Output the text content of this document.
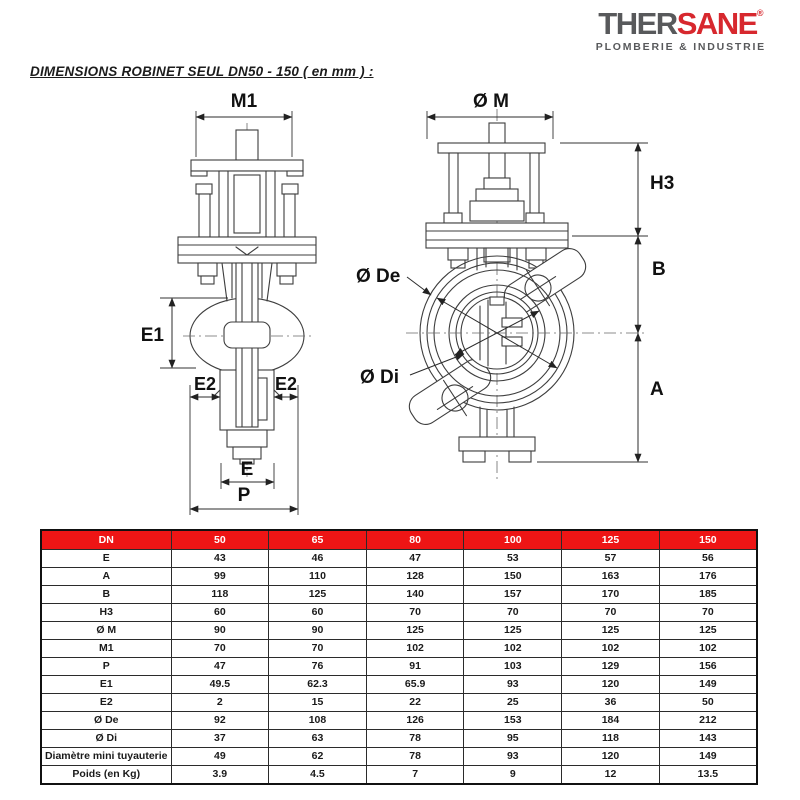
THERSANE®
PLOMBERIE & INDUSTRIE
DIMENSIONS ROBINET SEUL DN50 - 150 ( en mm ) :
M1
E1
E2	E2
E
P
Ø M
Ø De
Ø Di
H3
B
A
DN	50	65	80	100	125	150
E	43	46	47	53	57	56
A	99	110	128	150	163	176
B	118	125	140	157	170	185
H3	60	60	70	70	70	70
Ø M	90	90	125	125	125	125
M1	70	70	102	102	102	102
P	47	76	91	103	129	156
E1	49.5	62.3	65.9	93	120	149
E2	2	15	22	25	36	50
Ø De	92	108	126	153	184	212
Ø Di	37	63	78	95	118	143
Diamètre mini tuyauterie	49	62	78	93	120	149
Poids (en Kg)	3.9	4.5	7	9	12	13.5
